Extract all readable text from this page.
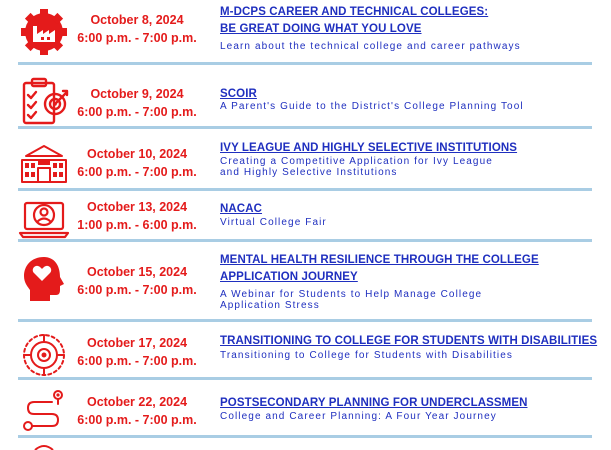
October 8, 2024
6:00 p.m. - 7:00 p.m.
M-DCPS CAREER AND TECHNICAL COLLEGES:
BE GREAT DOING WHAT YOU LOVE
Learn about the technical college and career pathways
October 9, 2024
6:00 p.m. - 7:00 p.m.
SCOIR
A Parent's Guide to the District's College Planning Tool
October 10, 2024
6:00 p.m. - 7:00 p.m.
IVY LEAGUE AND HIGHLY SELECTIVE INSTITUTIONS
Creating a Competitive Application for Ivy League
and Highly Selective Institutions
October 13, 2024
1:00 p.m. - 6:00 p.m.
NACAC
Virtual College Fair
October 15, 2024
6:00 p.m. - 7:00 p.m.
MENTAL HEALTH RESILIENCE THROUGH THE COLLEGE
APPLICATION JOURNEY
A Webinar for Students to Help Manage College
Application Stress
October 17, 2024
6:00 p.m. - 7:00 p.m.
TRANSITIONING TO COLLEGE FOR STUDENTS WITH DISABILITIES
Transitioning to College for Students with Disabilities
October 22, 2024
6:00 p.m. - 7:00 p.m.
POSTSECONDARY PLANNING FOR UNDERCLASSMEN
College and Career Planning: A Four Year Journey
